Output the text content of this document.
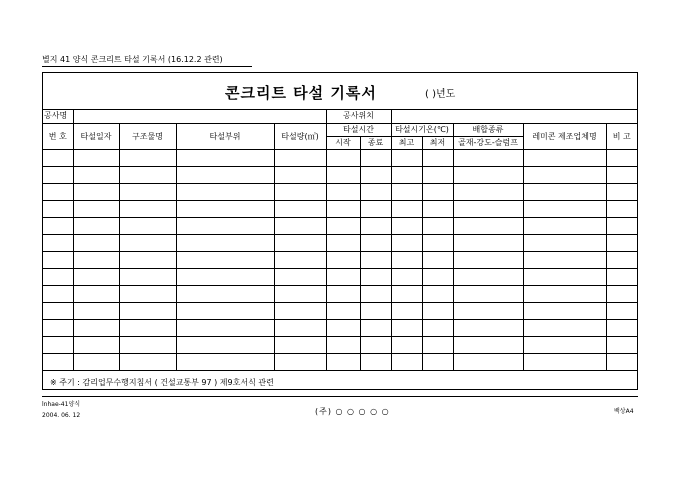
별지 41 양식 콘크리트 타설 기록서 (16.12.2 관련)
콘크리트 타설 기록서	( )년도
공사명					공사위치						
번 호	타설일자	구조물명	타설부위	타설량(㎥)	타설시간		타설시기온(℃)		배합종류	레미콘 제조업체명	비 고
					시작	종료	최고	최저	골재-강도-슬럼프		

※ 주기 : 감리업무수행지침서 ( 건설교통부 97 ) 제9호서식 관련
lnhae-41양식
2004. 06. 12	(주) ○ ○ ○ ○ ○	백상A4
